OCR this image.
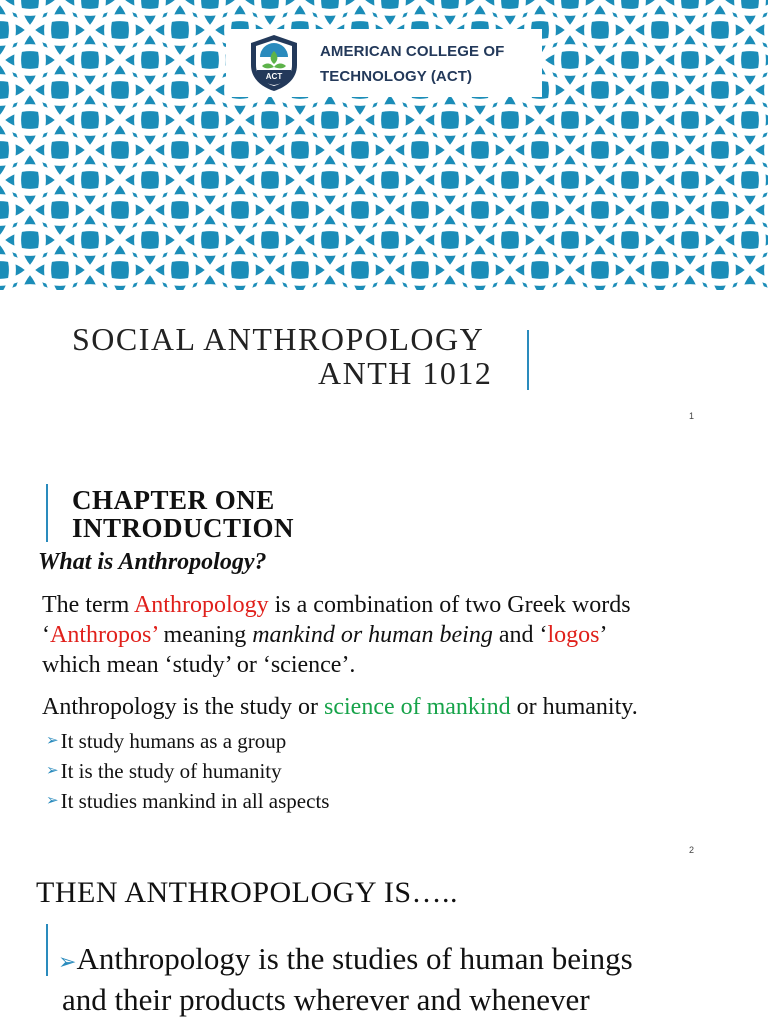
ACT
AMERICAN COLLEGE OF
TECHNOLOGY (ACT)
SOCIAL ANTHROPOLOGY
ANTH 1012
1
CHAPTER ONE
INTRODUCTION
What is Anthropology?
The term Anthropology is a combination of two Greek words
‘Anthropos’ meaning mankind or human being and ‘logos’
which mean ‘study’ or ‘science’.
Anthropology is the study or science of mankind or humanity.
➢ It study humans as a group
➢ It is the study of humanity
➢ It studies mankind in all aspects
2
THEN ANTHROPOLOGY IS…..
➢Anthropology is the studies of human beings
and their products wherever and whenever
